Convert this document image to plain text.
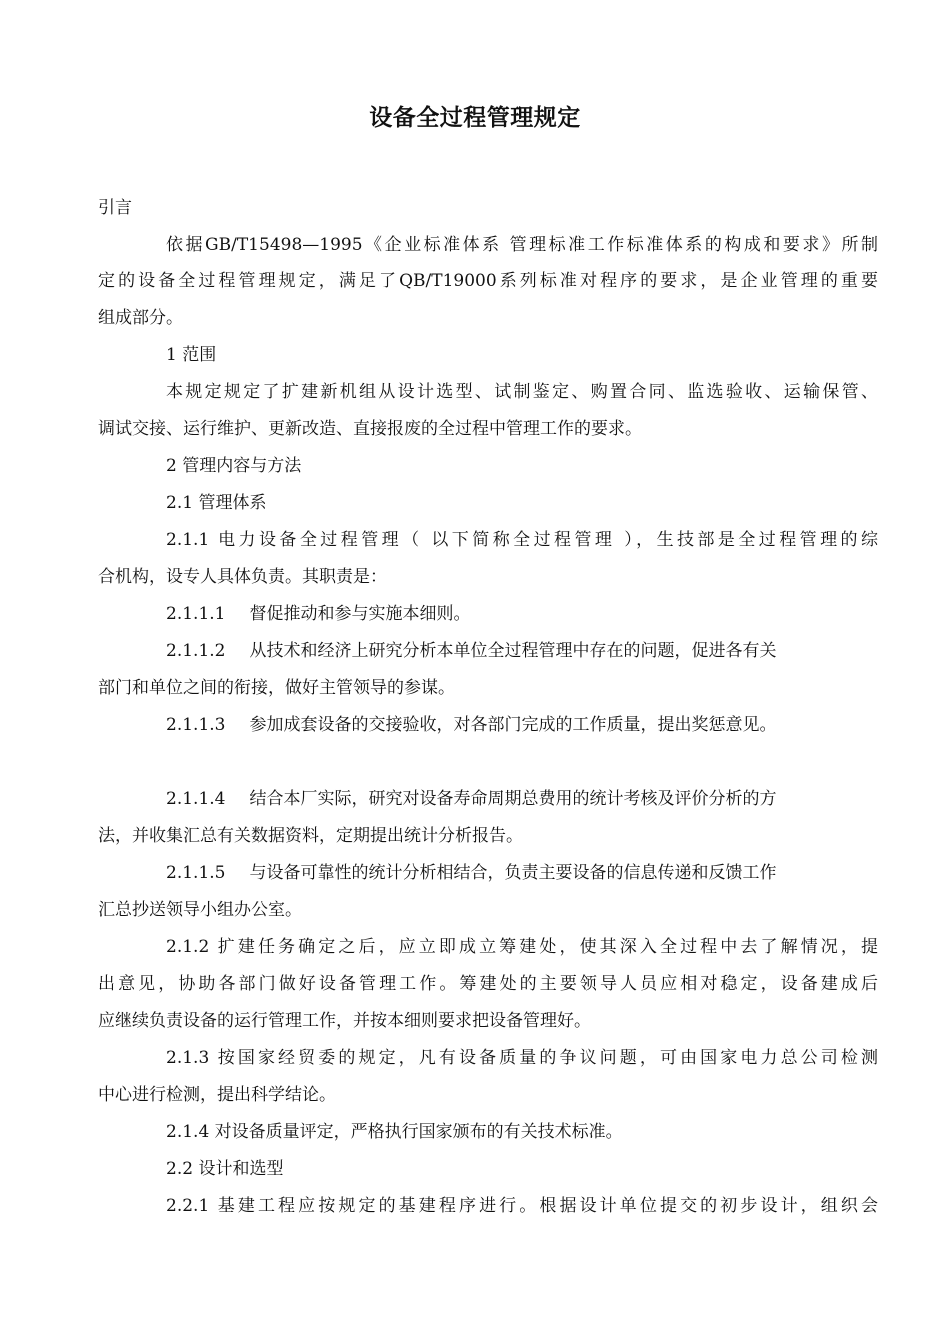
设备全过程管理规定
引言
依据GB/T15498—1995《企业标准体系 管理标准工作标准体系的构成和要求》所制
定的设备全过程管理规定，满足了QB/T19000系列标准对程序的要求，是企业管理的重要
组成部分。
1 范围
本规定规定了扩建新机组从设计选型、试制鉴定、购置合同、监选验收、运输保管、
调试交接、运行维护、更新改造、直接报废的全过程中管理工作的要求。
2 管理内容与方法
2.1 管理体系
2.1.1 电力设备全过程管理（ 以下简称全过程管理 ），生技部是全过程管理的综
合机构，设专人具体负责。其职责是：
2.1.1.1 督促推动和参与实施本细则。
2.1.1.2 从技术和经济上研究分析本单位全过程管理中存在的问题，促进各有关
部门和单位之间的衔接，做好主管领导的参谋。
2.1.1.3 参加成套设备的交接验收，对各部门完成的工作质量，提出奖惩意见。
2.1.1.4 结合本厂实际，研究对设备寿命周期总费用的统计考核及评价分析的方
法，并收集汇总有关数据资料，定期提出统计分析报告。
2.1.1.5 与设备可靠性的统计分析相结合，负责主要设备的信息传递和反馈工作
汇总抄送领导小组办公室。
2.1.2 扩建任务确定之后，应立即成立筹建处，使其深入全过程中去了解情况，提
出意见，协助各部门做好设备管理工作。筹建处的主要领导人员应相对稳定，设备建成后
应继续负责设备的运行管理工作，并按本细则要求把设备管理好。
2.1.3 按国家经贸委的规定，凡有设备质量的争议问题，可由国家电力总公司检测
中心进行检测，提出科学结论。
2.1.4 对设备质量评定，严格执行国家颁布的有关技术标准。
2.2 设计和选型
2.2.1 基建工程应按规定的基建程序进行。根据设计单位提交的初步设计，组织会
